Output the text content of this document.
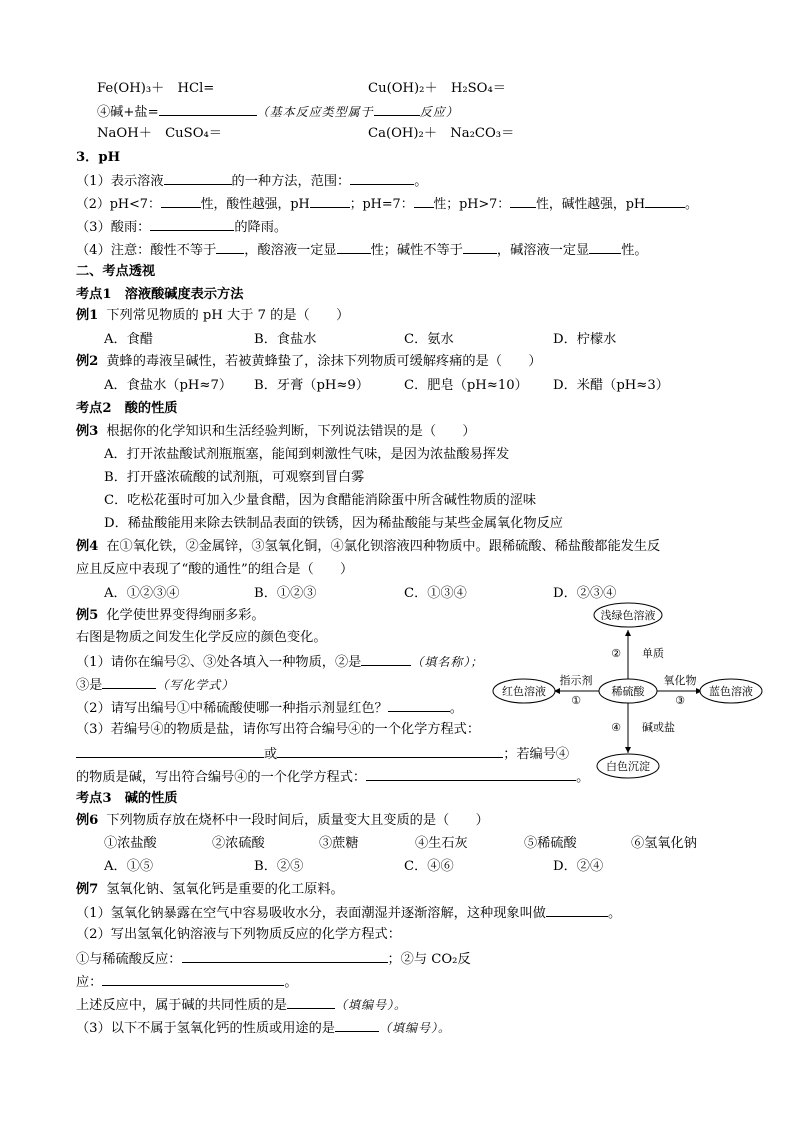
Fe(OH)₃＋　HCl=	Cu(OH)₂＋　H₂SO₄＝
④碱+盐=	（基本反应类型属于	反应）
NaOH＋　CuSO₄＝	Ca(OH)₂＋　Na₂CO₃＝
3．pH
（1）表示溶液	的一种方法，范围：	。
（2）pH<7：	性，酸性越强，pH	；pH=7： 性；pH>7： 性，碱性越强，pH	。
（3）酸雨：	的降雨。
（4）注意：酸性不等于 ，酸溶液一定显	性；碱性不等于	，碱溶液一定显 性。
二、考点透视
考点1　溶液酸碱度表示方法
例1 下列常见物质的 pH 大于 7 的是（　　）
A．食醋	B．食盐水	C．氨水	D．柠檬水
例2 黄蜂的毒液呈碱性，若被黄蜂蛰了，涂抹下列物质可缓解疼痛的是（　　）
A．食盐水（pH≈7） B．牙膏（pH≈9）	C．肥皂（pH≈10） D．米醋（pH≈3）
考点2　酸的性质
例3 根据你的化学知识和生活经验判断，下列说法错误的是（　　）
A．打开浓盐酸试剂瓶瓶塞，能闻到刺激性气味，是因为浓盐酸易挥发
B．打开盛浓硫酸的试剂瓶，可观察到冒白雾
C．吃松花蛋时可加入少量食醋，因为食醋能消除蛋中所含碱性物质的涩味
D．稀盐酸能用来除去铁制品表面的铁锈，因为稀盐酸能与某些金属氧化物反应
例4 在①氧化铁，②金属锌，③氢氧化铜，④氯化钡溶液四种物质中。跟稀硫酸、稀盐酸都能发生反
应且反应中表现了“酸的通性”的组合是（　　）
A．①②③④	B．①②③	C．①③④	D．②③④
例5 化学使世界变得绚丽多彩。
右图是物质之间发生化学反应的颜色变化。
（1）请你在编号②、③处各填入一种物质，②是	（填名称）；
③是	（写化学式）
（2）请写出编号①中稀硫酸使哪一种指示剂显红色？	。
（3）若编号④的物质是盐，请你写出符合编号④的一个化学方程式：
或	；若编号④
的物质是碱，写出符合编号④的一个化学方程式：	。
浅绿色溶液
稀硫酸
红色溶液	蓝色溶液
白色沉淀
② 单质
指示剂
①
氧化物
③
④ 碱或盐
考点3　碱的性质
例6 下列物质存放在烧杯中一段时间后，质量变大且变质的是（　　）
①浓盐酸	②浓硫酸	③蔗糖	④生石灰	⑤稀硫酸	⑥氢氧化钠
A．①⑤	B．②⑤	C．④⑥	D．②④
例7 氢氧化钠、氢氧化钙是重要的化工原料。
（1）氢氧化钠暴露在空气中容易吸收水分，表面潮湿并逐渐溶解，这种现象叫做	。
（2）写出氢氧化钠溶液与下列物质反应的化学方程式：
①与稀硫酸反应：	；②与 CO₂反
应：	。
上述反应中，属于碱的共同性质的是	（填编号）。
（3）以下不属于氢氧化钙的性质或用途的是	（填编号）。
